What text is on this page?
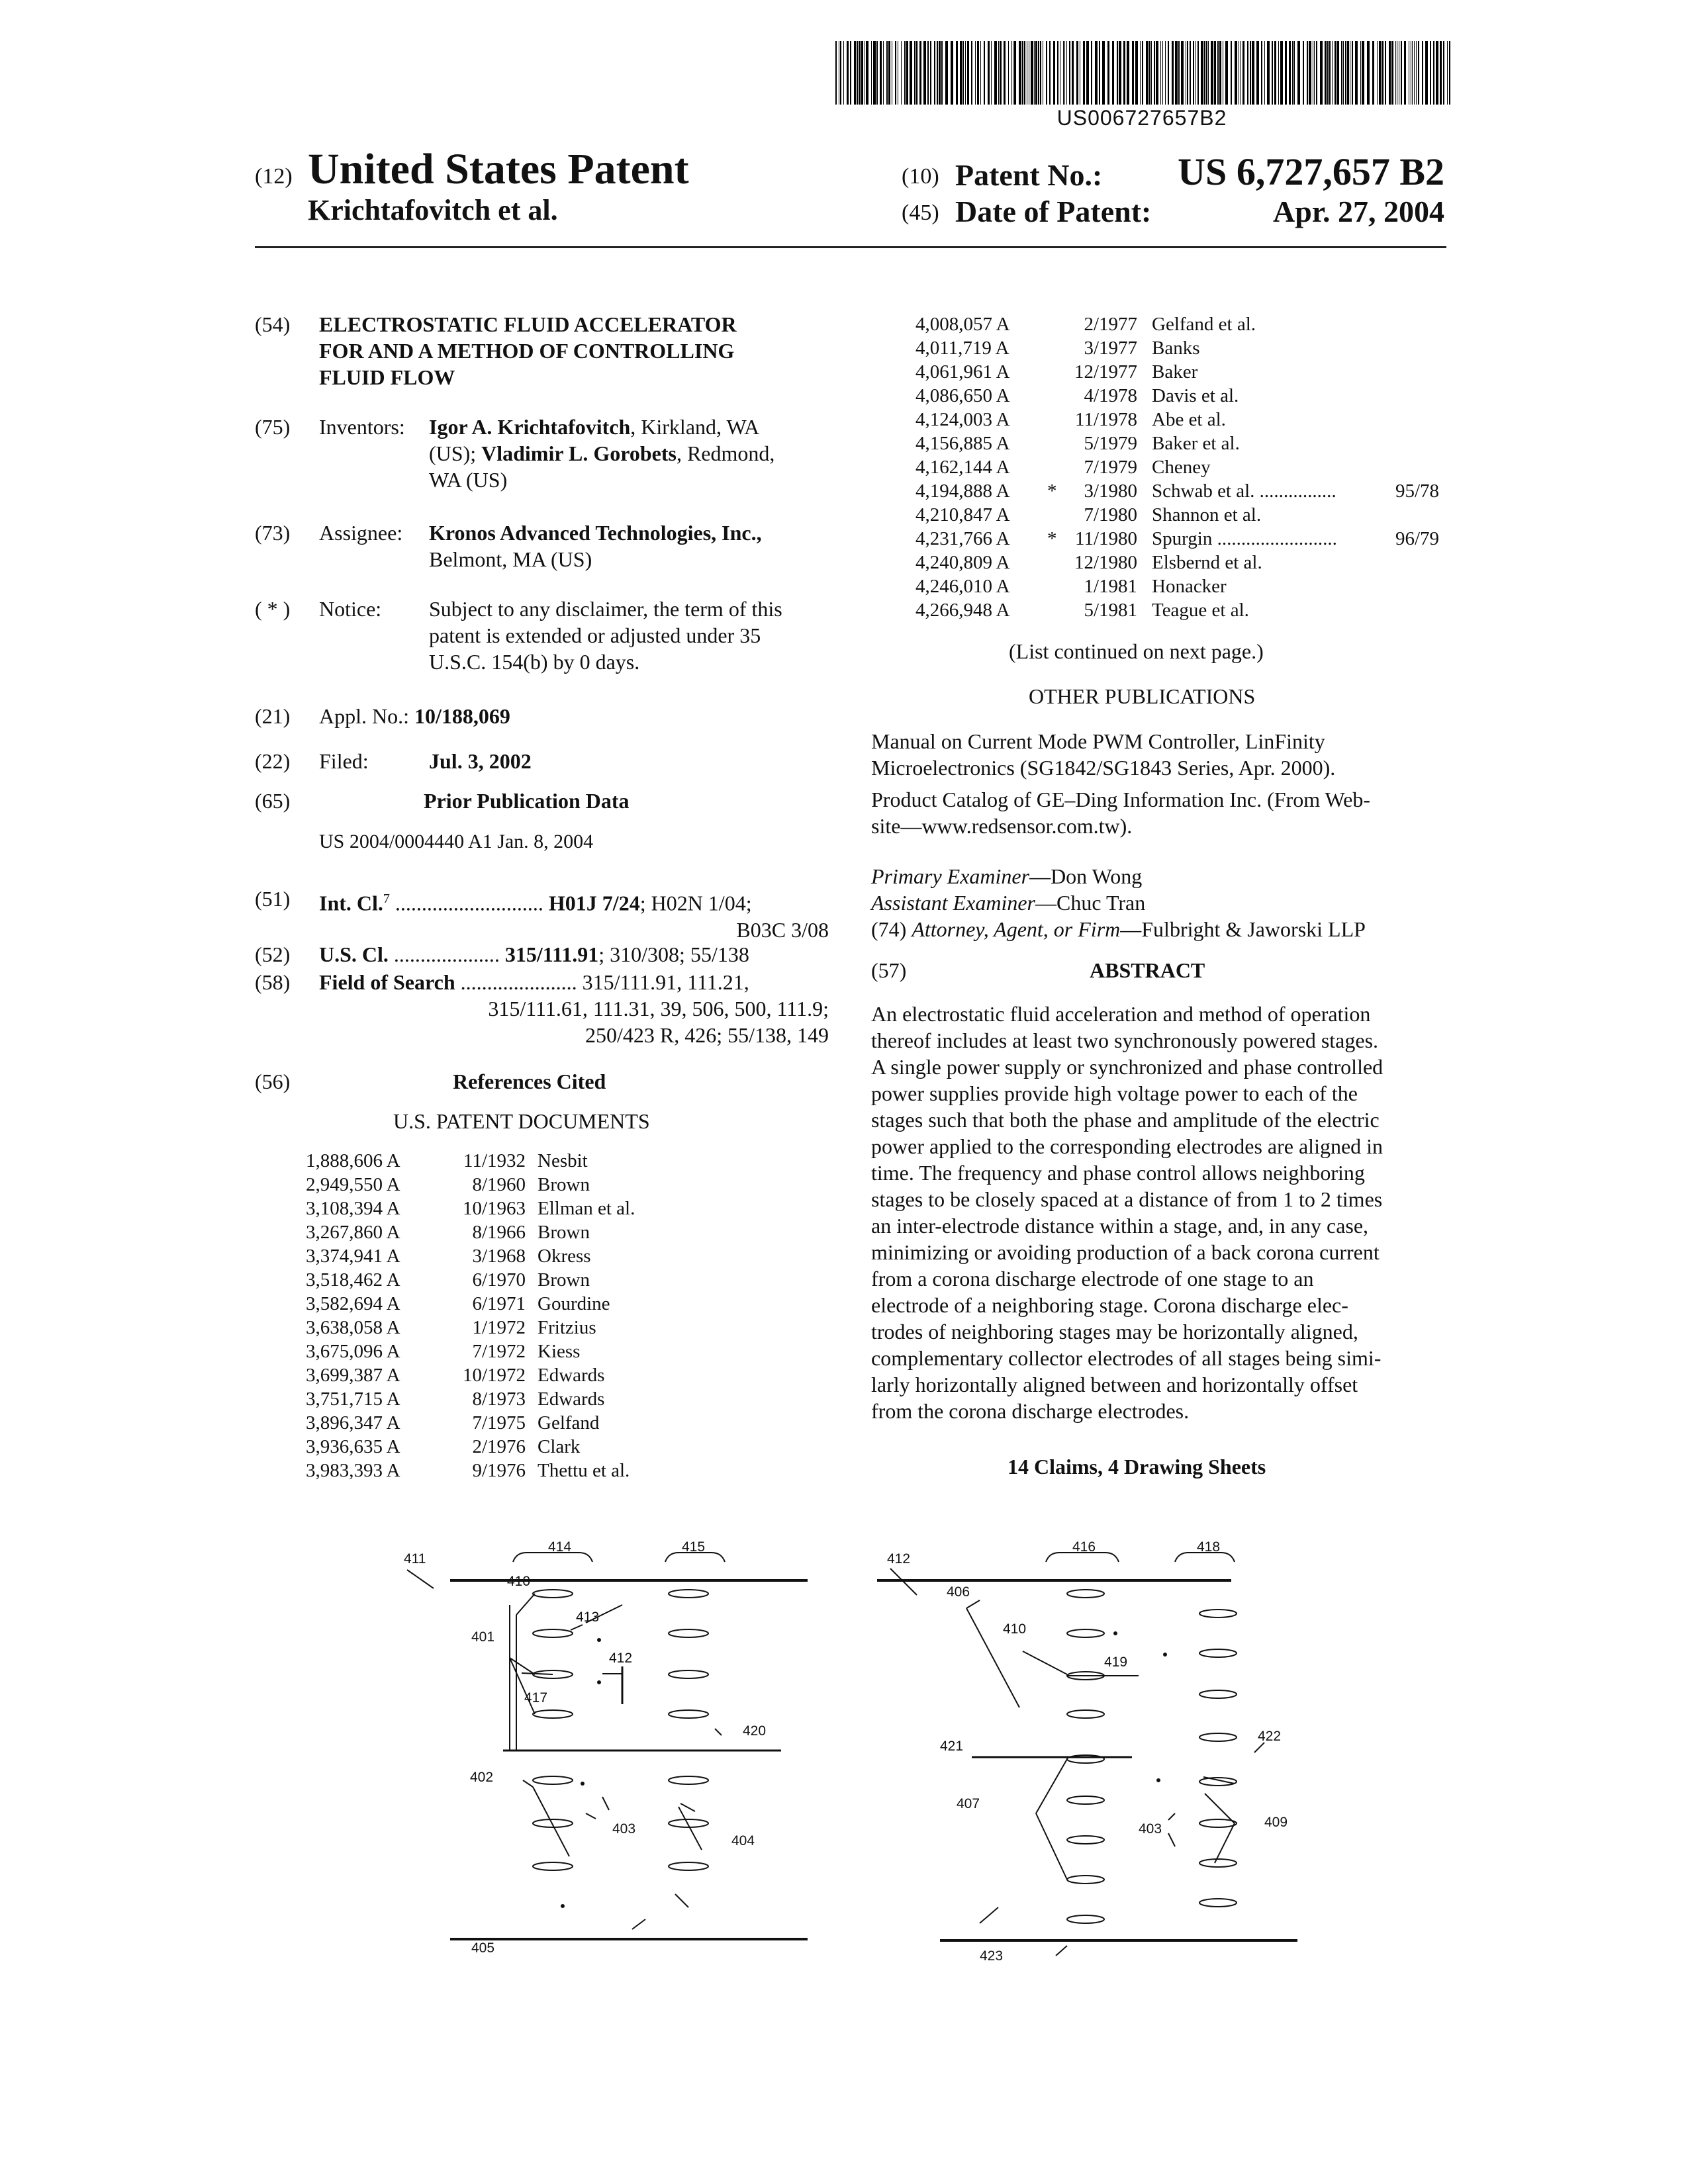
US006727657B2
(12) United States Patent
Krichtafovitch et al.
(10) Patent No.: US 6,727,657 B2
(45) Date of Patent:	Apr. 27, 2004
(54) ELECTROSTATIC FLUID ACCELERATOR
FOR AND A METHOD OF CONTROLLING
FLUID FLOW
(75) Inventors: Igor A. Krichtafovitch, Kirkland, WA
(US); Vladimir L. Gorobets, Redmond,
WA (US)
(73) Assignee: Kronos Advanced Technologies, Inc.,
Belmont, MA (US)
( * ) Notice: Subject to any disclaimer, the term of this
patent is extended or adjusted under 35
U.S.C. 154(b) by 0 days.
(21) Appl. No.: 10/188,069
(22) Filed:	Jul. 3, 2002
(65)	Prior Publication Data
US 2004/0004440 A1 Jan. 8, 2004
(51) Int. Cl.$^7$ ............................ H01J 7/24; H02N 1/04;
B03C 3/08
(52) U.S. Cl. .................... 315/111.91; 310/308; 55/138
(58) Field of Search ...................... 315/111.91, 111.21,
315/111.61, 111.31, 39, 506, 500, 111.9;
250/423 R, 426; 55/138, 149
(56)	References Cited
U.S. PATENT DOCUMENTS
1,888,606 A	11/1932 Nesbit
2,949,550 A	8/1960 Brown
3,108,394 A	10/1963 Ellman et al.
3,267,860 A	8/1966 Brown
3,374,941 A	3/1968 Okress
3,518,462 A	6/1970 Brown
3,582,694 A	6/1971 Gourdine
3,638,058 A	1/1972 Fritzius
3,675,096 A	7/1972 Kiess
3,699,387 A	10/1972 Edwards
3,751,715 A	8/1973 Edwards
3,896,347 A	7/1975 Gelfand
3,936,635 A	2/1976 Clark
3,983,393 A	9/1976 Thettu et al.
4,008,057 A	2/1977 Gelfand et al.
4,011,719 A	3/1977 Banks
4,061,961 A	12/1977 Baker
4,086,650 A	4/1978 Davis et al.
4,124,003 A	11/1978 Abe et al.
4,156,885 A	5/1979 Baker et al.
4,162,144 A	7/1979 Cheney
4,194,888 A *	3/1980 Schwab et al. ................	95/78
4,210,847 A	7/1980 Shannon et al.
4,231,766 A * 11/1980 Spurgin .........................	96/79
4,240,809 A	12/1980 Elsbernd et al.
4,246,010 A	1/1981 Honacker
4,266,948 A	5/1981 Teague et al.
(List continued on next page.)
OTHER PUBLICATIONS
Manual on Current Mode PWM Controller, LinFinity
Microelectronics (SG1842/SG1843 Series, Apr. 2000).
Product Catalog of GE–Ding Information Inc. (From Web-
site—www.redsensor.com.tw).
Primary Examiner—Don Wong
Assistant Examiner—Chuc Tran
(74) Attorney, Agent, or Firm—Fulbright & Jaworski LLP
(57)	ABSTRACT
An electrostatic fluid acceleration and method of operation
thereof includes at least two synchronously powered stages.
A single power supply or synchronized and phase controlled
power supplies provide high voltage power to each of the
stages such that both the phase and amplitude of the electric
power applied to the corresponding electrodes are aligned in
time. The frequency and phase control allows neighboring
stages to be closely spaced at a distance of from 1 to 2 times
an inter-electrode distance within a stage, and, in any case,
minimizing or avoiding production of a back corona current
from a corona discharge electrode of one stage to an
electrode of a neighboring stage. Corona discharge elec-
trodes of neighboring stages may be horizontally aligned,
complementary collector electrodes of all stages being simi-
larly horizontally aligned between and horizontally offset
from the corona discharge electrodes.
14 Claims, 4 Drawing Sheets
411
414	415
410
413
401
412
417
420
402
403
404
405
412
416	418
406
410
419
422
421
407
403	409
423
